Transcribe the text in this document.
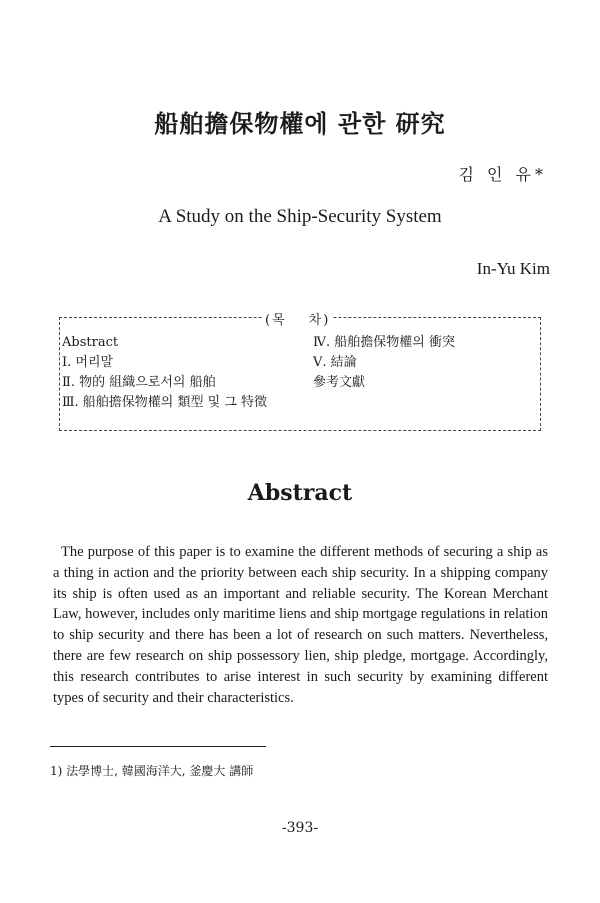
船舶擔保物權에 관한 研究
김 인 유*
A Study on the Ship-Security System
In-Yu Kim
(목 차)
Abstract
Ⅰ. 머리말
Ⅱ. 物的 組織으로서의 船舶
Ⅲ. 船舶擔保物權의 類型 및 그 特徵
Ⅳ. 船舶擔保物權의 衝突
Ⅴ. 結論
參考文獻
Abstract
The purpose of this paper is to examine the different methods of securing a ship as a thing in action and the priority between each ship security. In a shipping company its ship is often used as an important and reliable security. The Korean Merchant Law, however, includes only maritime liens and ship mortgage regulations in relation to ship security and there has been a lot of research on such matters. Nevertheless, there are few research on ship possessory lien, ship pledge, mortgage. Accordingly, this research contributes to arise interest in such security by examining different types of security and their characteristics.
1) 法學博士, 韓國海洋大, 釜慶大 講師
-393-
